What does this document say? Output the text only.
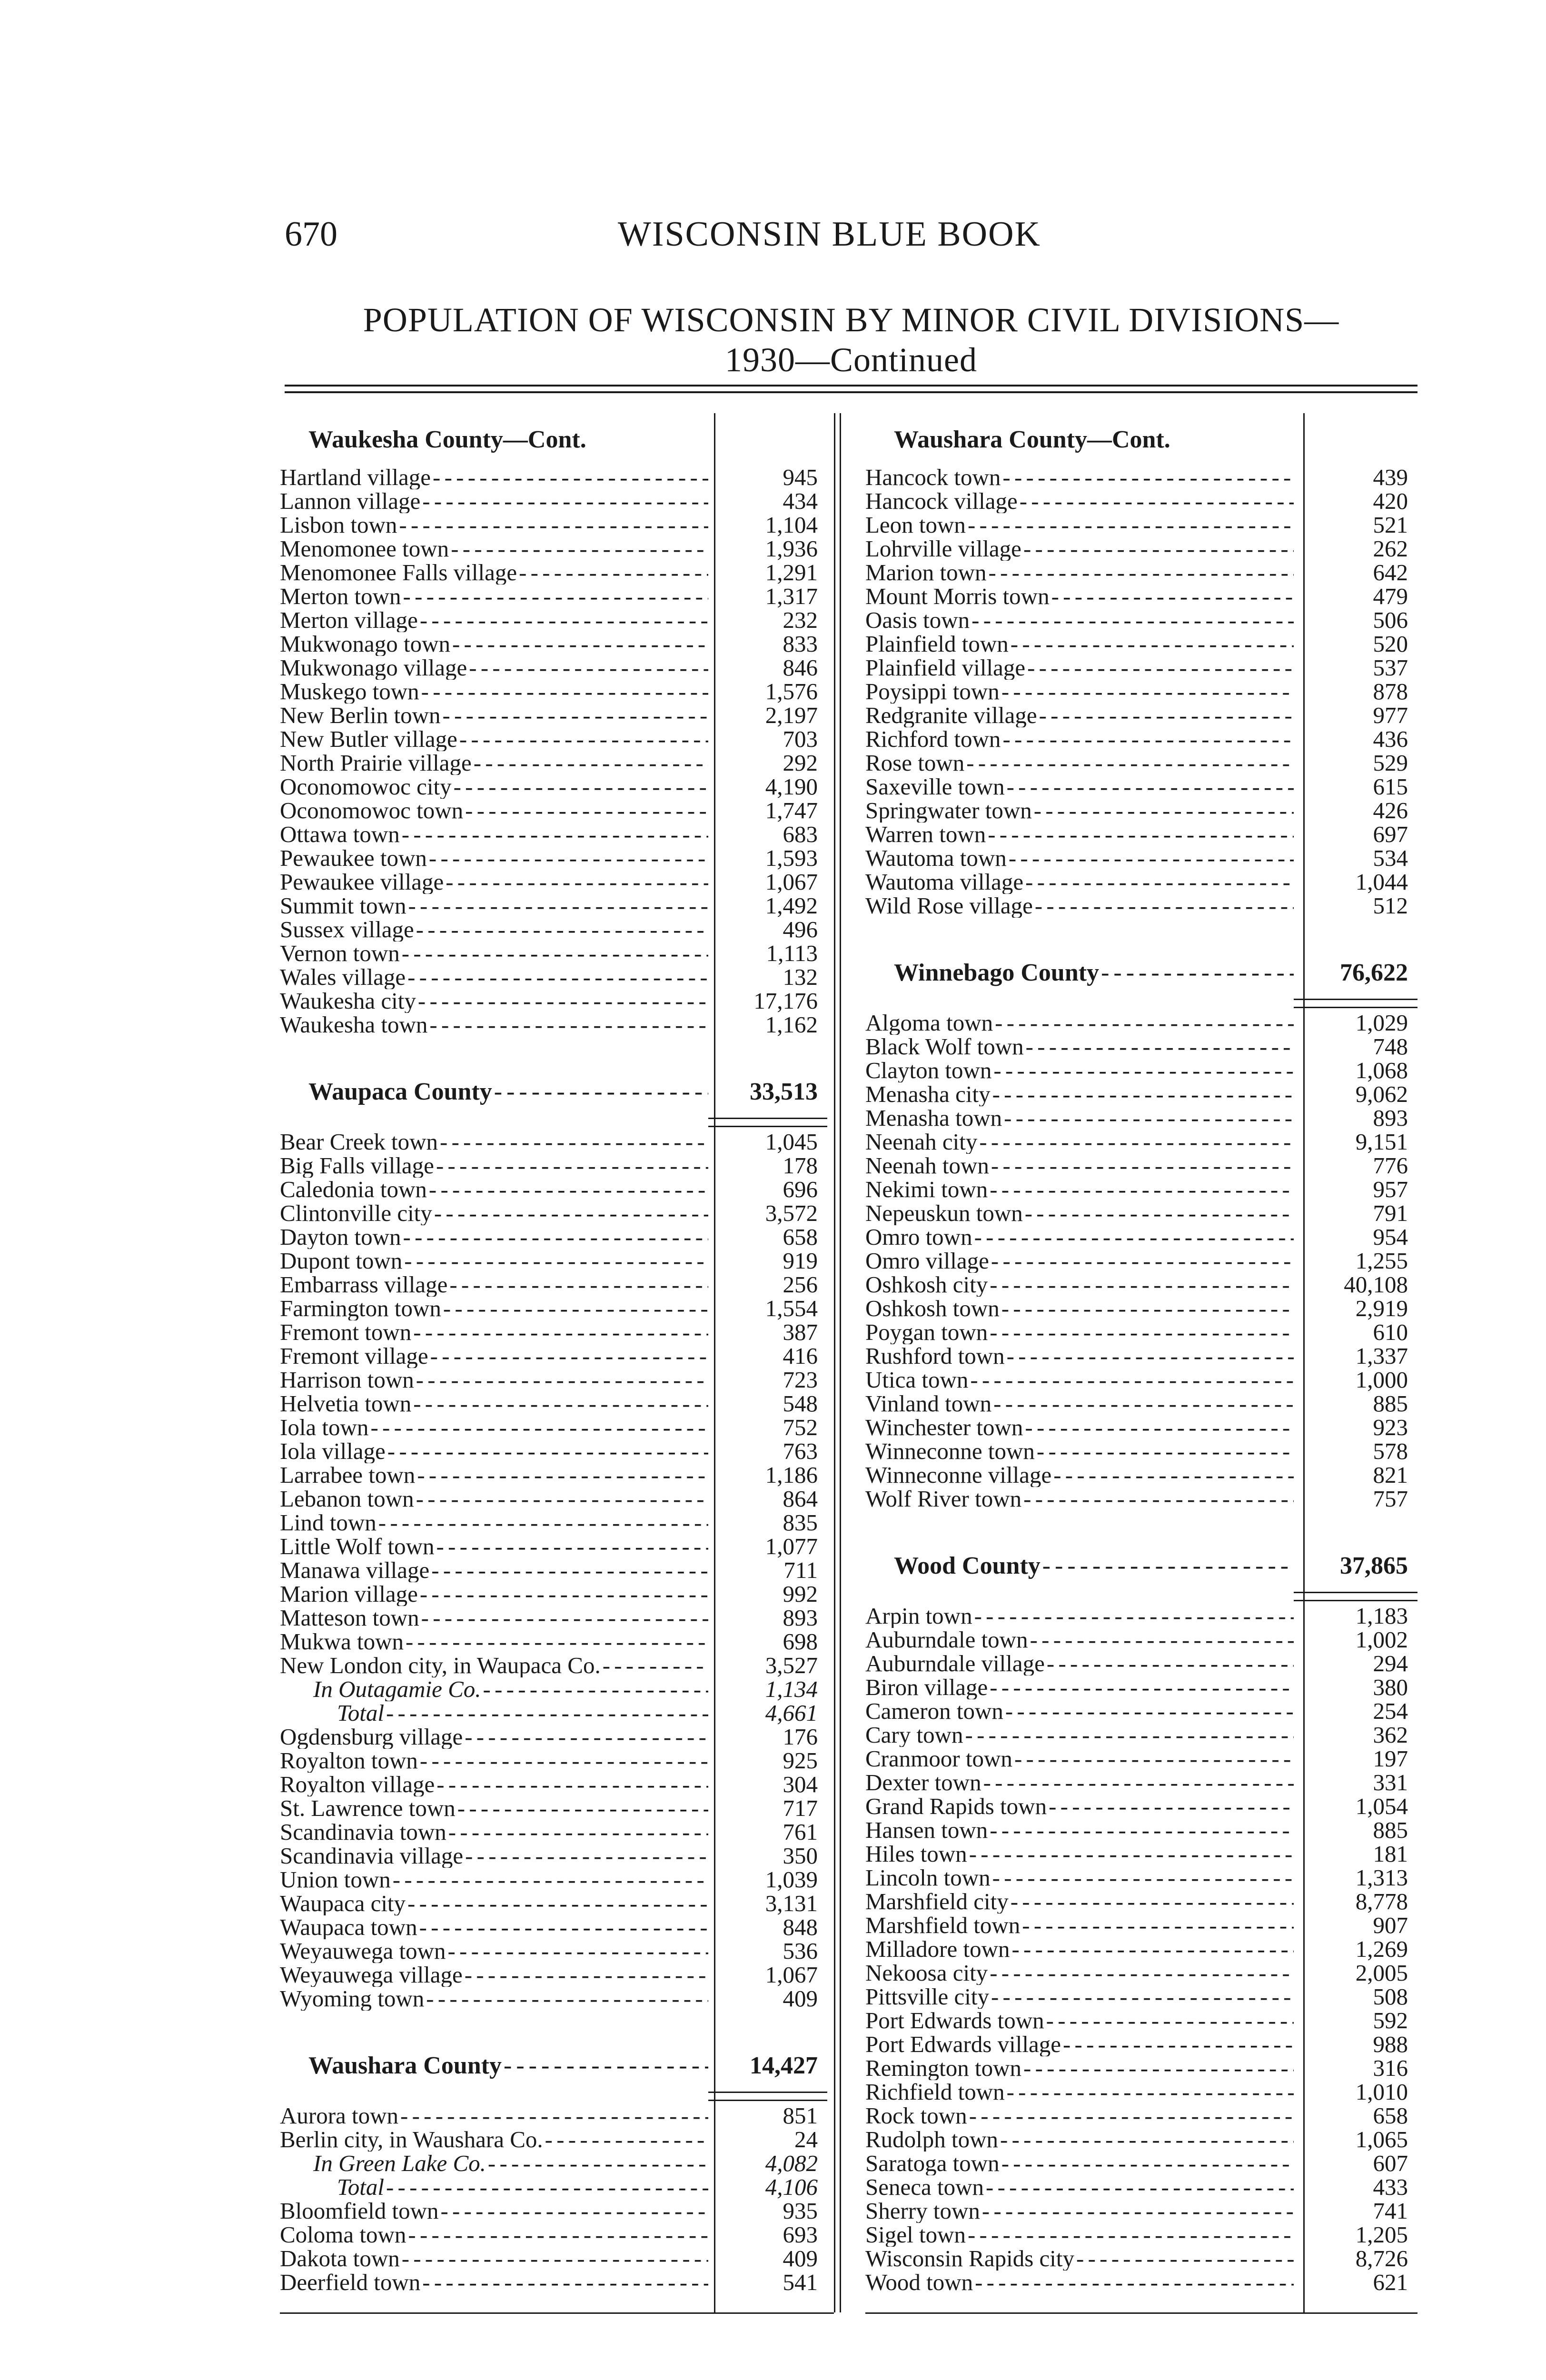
670	WISCONSIN BLUE BOOK
POPULATION OF WISCONSIN BY MINOR CIVIL DIVISIONS—
1930—Continued
Waukesha County—Cont.
Hartland village - - -	945
Lannon village - - -	434
Lisbon town - - -	1,104
Menomonee town - - -	1,936
Menomonee Falls village - - -	1,291
Merton town - - -	1,317
Merton village - - -	232
Mukwonago town - - -	833
Mukwonago village - - -	846
Muskego town - - -	1,576
New Berlin town - - -	2,197
New Butler village - - -	703
North Prairie village - - -	292
Oconomowoc city - - -	4,190
Oconomowoc town - - -	1,747
Ottawa town - - -	683
Pewaukee town - - -	1,593
Pewaukee village - - -	1,067
Summit town - - -	1,492
Sussex village - - -	496
Vernon town - - -	1,113
Wales village - - -	132
Waukesha city - - -	17,176
Waukesha town - - -	1,162
Waupaca County - - -	33,513
Bear Creek town - - -	1,045
Big Falls village - - -	178
Caledonia town - - -	696
Clintonville city - - -	3,572
Dayton town - - -	658
Dupont town - - -	919
Embarrass village - - -	256
Farmington town - - -	1,554
Fremont town - - -	387
Fremont village - - -	416
Harrison town - - -	723
Helvetia town - - -	548
Iola town - - -	752
Iola village - - -	763
Larrabee town - - -	1,186
Lebanon town - - -	864
Lind town - - -	835
Little Wolf town - - -	1,077
Manawa village - - -	711
Marion village - - -	992
Matteson town - - -	893
Mukwa town - - -	698
New London city, in Waupaca Co. - - -	3,527
In Outagamie Co. - - -	1,134
Total - - -	4,661
Ogdensburg village - - -	176
Royalton town - - -	925
Royalton village - - -	304
St. Lawrence town - - -	717
Scandinavia town - - -	761
Scandinavia village - - -	350
Union town - - -	1,039
Waupaca city - - -	3,131
Waupaca town - - -	848
Weyauwega town - - -	536
Weyauwega village - - -	1,067
Wyoming town - - -	409
Waushara County - - -	14,427
Aurora town - - -	851
Berlin city, in Waushara Co. - - -	24
In Green Lake Co. - - -	4,082
Total - - -	4,106
Bloomfield town - - -	935
Coloma town - - -	693
Dakota town - - -	409
Deerfield town - - -	541
Waushara County—Cont.
Hancock town - - -	439
Hancock village - - -	420
Leon town - - -	521
Lohrville village - - -	262
Marion town - - -	642
Mount Morris town - - -	479
Oasis town - - -	506
Plainfield town - - -	520
Plainfield village - - -	537
Poysippi town - - -	878
Redgranite village - - -	977
Richford town - - -	436
Rose town - - -	529
Saxeville town - - -	615
Springwater town - - -	426
Warren town - - -	697
Wautoma town - - -	534
Wautoma village - - -	1,044
Wild Rose village - - -	512
Winnebago County - - -	76,622
Algoma town - - -	1,029
Black Wolf town - - -	748
Clayton town - - -	1,068
Menasha city - - -	9,062
Menasha town - - -	893
Neenah city - - -	9,151
Neenah town - - -	776
Nekimi town - - -	957
Nepeuskun town - - -	791
Omro town - - -	954
Omro village - - -	1,255
Oshkosh city - - -	40,108
Oshkosh town - - -	2,919
Poygan town - - -	610
Rushford town - - -	1,337
Utica town - - -	1,000
Vinland town - - -	885
Winchester town - - -	923
Winneconne town - - -	578
Winneconne village - - -	821
Wolf River town - - -	757
Wood County - - -	37,865
Arpin town - - -	1,183
Auburndale town - - -	1,002
Auburndale village - - -	294
Biron village - - -	380
Cameron town - - -	254
Cary town - - -	362
Cranmoor town - - -	197
Dexter town - - -	331
Grand Rapids town - - -	1,054
Hansen town - - -	885
Hiles town - - -	181
Lincoln town - - -	1,313
Marshfield city - - -	8,778
Marshfield town - - -	907
Milladore town - - -	1,269
Nekoosa city - - -	2,005
Pittsville city - - -	508
Port Edwards town - - -	592
Port Edwards village - - -	988
Remington town - - -	316
Richfield town - - -	1,010
Rock town - - -	658
Rudolph town - - -	1,065
Saratoga town - - -	607
Seneca town - - -	433
Sherry town - - -	741
Sigel town - - -	1,205
Wisconsin Rapids city - - -	8,726
Wood town - - -	621
